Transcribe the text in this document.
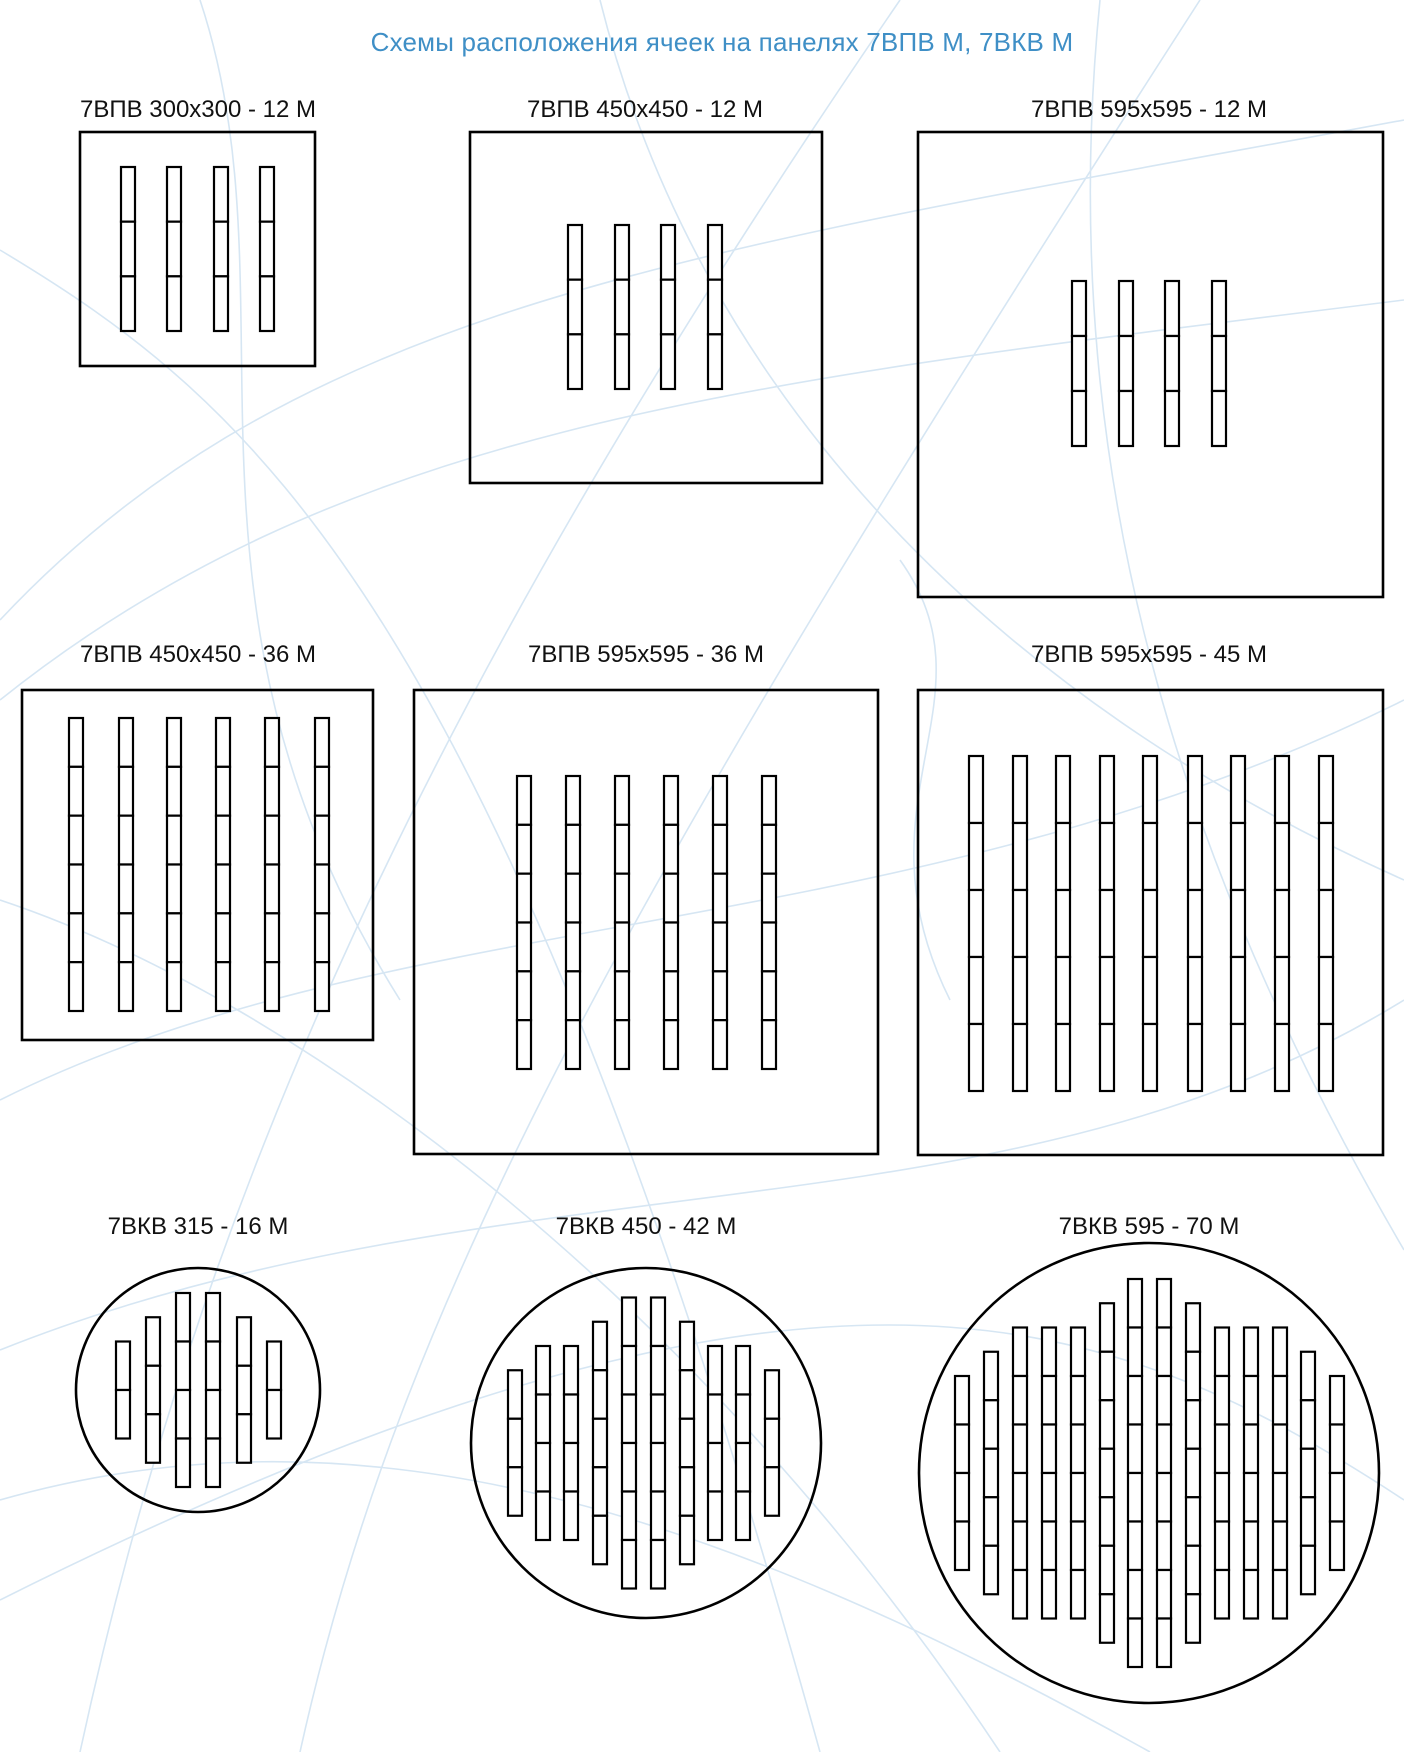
Схемы расположения ячеек на панелях 7ВПВ М, 7ВКВ М
7ВПВ 300x300 - 12 М	7ВПВ 450x450 - 12 М	7ВПВ 595x595 - 12 М
7ВПВ 450x450 - 36 М	7ВПВ 595x595 - 36 М	7ВПВ 595x595 - 45 М
7ВКВ 315 - 16 М	7ВКВ 450 - 42 М	7ВКВ 595 - 70 М
